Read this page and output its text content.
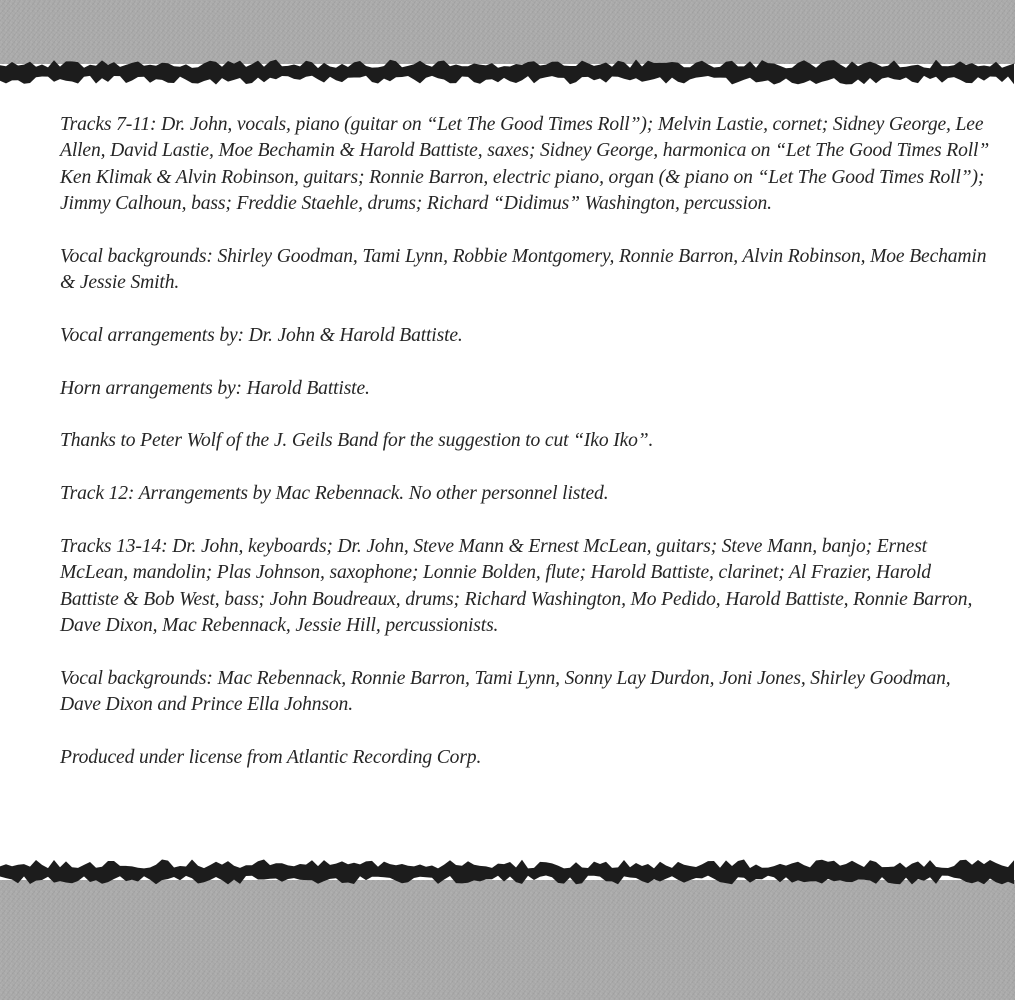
Tracks 7-11: Dr. John, vocals, piano (guitar on “Let The Good Times Roll”); Melvin Lastie, cornet; Sidney George, Lee Allen, David Lastie, Moe Bechamin & Harold Battiste, saxes; Sidney George, harmonica on “Let The Good Times Roll” Ken Klimak & Alvin Robinson, guitars; Ronnie Barron, electric piano, organ (& piano on “Let The Good Times Roll”); Jimmy Calhoun, bass; Freddie Staehle, drums; Richard “Didimus” Washington, percussion.

Vocal backgrounds: Shirley Goodman, Tami Lynn, Robbie Montgomery, Ronnie Barron, Alvin Robinson, Moe Bechamin & Jessie Smith.

Vocal arrangements by: Dr. John & Harold Battiste.

Horn arrangements by: Harold Battiste.

Thanks to Peter Wolf of the J. Geils Band for the suggestion to cut “Iko Iko”.

Track 12: Arrangements by Mac Rebennack. No other personnel listed.

Tracks 13-14: Dr. John, keyboards; Dr. John, Steve Mann & Ernest McLean, guitars; Steve Mann, banjo; Ernest McLean, mandolin; Plas Johnson, saxophone; Lonnie Bolden, flute; Harold Battiste, clarinet; Al Frazier, Harold Battiste & Bob West, bass; John Boudreaux, drums; Richard Washington, Mo Pedido, Harold Battiste, Ronnie Barron, Dave Dixon, Mac Rebennack, Jessie Hill, percussionists.

Vocal backgrounds: Mac Rebennack, Ronnie Barron, Tami Lynn, Sonny Lay Durdon, Joni Jones, Shirley Goodman, Dave Dixon and Prince Ella Johnson.

Produced under license from Atlantic Recording Corp.
